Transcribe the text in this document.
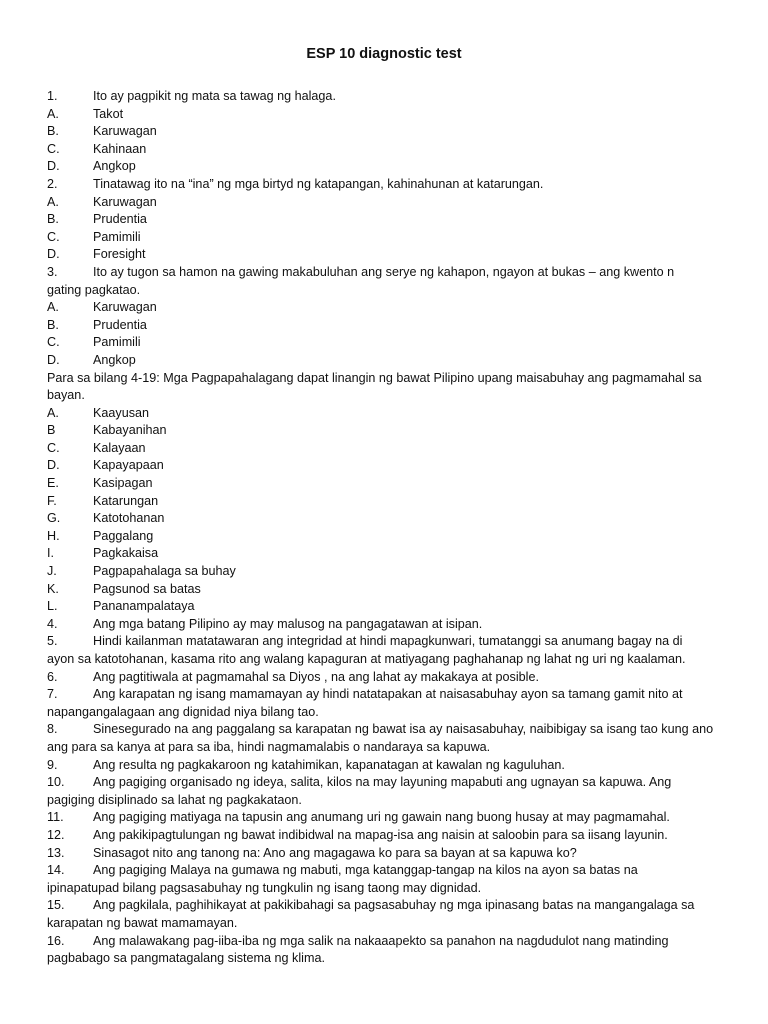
ESP 10 diagnostic test
1.	Ito ay pagpikit ng mata sa tawag ng halaga.
A.	Takot
B.	Karuwagan
C.	Kahinaan
D.	Angkop
2.	Tinatawag ito na “ina” ng mga birtyd ng katapangan, kahinahunan at katarungan.
A.	Karuwagan
B.	Prudentia
C.	Pamimili
D.	Foresight
3.	Ito ay tugon sa hamon na gawing makabuluhan ang serye ng kahapon, ngayon at bukas – ang kwento n
gating pagkatao.
A.	Karuwagan
B.	Prudentia
C.	Pamimili
D.	Angkop
Para sa bilang 4-19: Mga Pagpapahalagang dapat linangin ng bawat Pilipino upang maisabuhay ang pagmamahal sa
bayan.
A.	Kaayusan
B	Kabayanihan
C.	Kalayaan
D.	Kapayapaan
E.	Kasipagan
F.	Katarungan
G.	Katotohanan
H.	Paggalang
I.	Pagkakaisa
J.	Pagpapahalaga sa buhay
K.	Pagsunod sa batas
L.	Pananampalataya
4.	Ang mga batang Pilipino ay may malusog na pangagatawan at isipan.
5.	Hindi kailanman matatawaran ang integridad at hindi mapagkunwari, tumatanggi sa anumang bagay na di
ayon sa katotohanan, kasama rito ang walang kapaguran at matiyagang paghahanap ng lahat ng uri ng kaalaman.
6.	Ang pagtitiwala at pagmamahal sa Diyos , na ang lahat ay makakaya at posible.
7.	Ang karapatan ng isang mamamayan ay hindi natatapakan at naisasabuhay ayon sa tamang gamit nito at
napangangalagaan ang dignidad niya bilang tao.
8.	Sinesegurado na ang paggalang sa karapatan ng bawat isa ay naisasabuhay, naibibigay sa isang tao kung ano
ang para sa kanya at para sa iba, hindi nagmamalabis o nandaraya sa kapuwa.
9.	Ang resulta ng pagkakaroon ng katahimikan, kapanatagan at kawalan ng kaguluhan.
10. Ang pagiging organisado ng ideya, salita, kilos na may layuning mapabuti ang ugnayan sa kapuwa. Ang
pagiging disiplinado sa lahat ng pagkakataon.
11. Ang pagiging matiyaga na tapusin ang anumang uri ng gawain nang buong husay at may pagmamahal.
12. Ang pakikipagtulungan ng bawat indibidwal na mapag-isa ang naisin at saloobin para sa iisang layunin.
13. Sinasagot nito ang tanong na: Ano ang magagawa ko para sa bayan at sa kapuwa ko?
14. Ang pagiging Malaya na gumawa ng mabuti, mga katanggap-tangap na kilos na ayon sa batas na
ipinapatupad bilang pagsasabuhay ng tungkulin ng isang taong may dignidad.
15. Ang pagkilala, paghihikayat at pakikibahagi sa pagsasabuhay ng mga ipinasang batas na mangangalaga sa
karapatan ng bawat mamamayan.
16. Ang malawakang pag-iiba-iba ng mga salik na nakaaapekto sa panahon na nagdudulot nang matinding
pagbabago sa pangmatagalang sistema ng klima.
